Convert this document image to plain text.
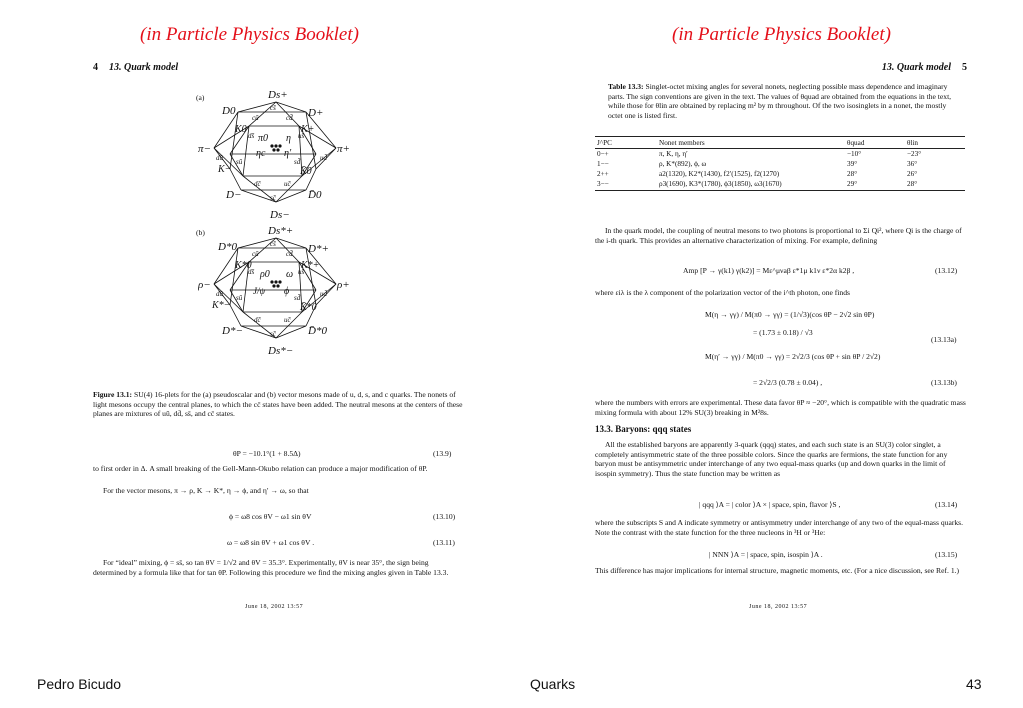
(in Particle Physics Booklet)	(in Particle Physics Booklet)
4 13. Quark model
(a)
(b)
Ds+
D0	D+
π−	π+
K0	K+
K−	K̄0
D−	D̄0
Ds−
π0 η
ηc η′
cs̄
cū	cd̄
ds̄	us̄
dū	ud̄
sū	sd̄
dc̄	uc̄
sc̄
Ds*+
D*0	D*+
ρ−	ρ+
K*0	K*+
K*−	K̄*0
D*−	D̄*0
Ds*−
ρ0 ω
J/ψ ϕ
cs̄
cū	cd̄
ds̄	us̄
dū	ud̄
sū	sd̄
dc̄	uc̄
sc̄
Figure 13.1: SU(4) 16-plets for the (a) pseudoscalar and (b) vector mesons made of u, d, s, and c quarks. The nonets of light mesons occupy the central planes, to which the cc̄ states have been added. The neutral mesons at the centers of these planes are mixtures of uū, dd̄, ss̄, and cc̄ states.
θP = −10.1°(1 + 8.5Δ)	(13.9)
to first order in Δ. A small breaking of the Gell-Mann-Okubo relation can produce a major modification of θP.
For the vector mesons, π → ρ, K → K*, η → ϕ, and η′ → ω, so that
ϕ = ω8 cos θV − ω1 sin θV	(13.10)
ω = ω8 sin θV + ω1 cos θV .	(13.11)
For “ideal” mixing, ϕ = ss̄, so tan θV = 1/√2 and θV = 35.3°. Experimentally, θV is near 35°, the sign being determined by a formula like that for tan θP. Following this procedure we find the mixing angles given in Table 13.3.
June 18, 2002 13:57
13. Quark model 5
Table 13.3: Singlet-octet mixing angles for several nonets, neglecting possible mass dependence and imaginary parts. The sign conventions are given in the text. The values of θquad are obtained from the equations in the text, while those for θlin are obtained by replacing m² by m throughout. Of the two isosinglets in a nonet, the mostly octet one is listed first.
J^PC	Nonet members	θquad	θlin
0−+	π, K, η, η′	−10°	−23°
1−−	ρ, K*(892), ϕ, ω	39°	36°
2++	a2(1320), K2*(1430), f2′(1525), f2(1270)	28°	26°
3−−	ρ3(1690), K3*(1780), ϕ3(1850), ω3(1670)	29°	28°
In the quark model, the coupling of neutral mesons to two photons is proportional to Σi Qi², where Qi is the charge of the i-th quark. This provides an alternative characterization of mixing. For example, defining
Amp [P → γ(k1) γ(k2)] = Mε^μνaβ ε*1μ k1ν ε*2α k2β ,	(13.12)
where εiλ is the λ component of the polarization vector of the i^th photon, one finds
M(η → γγ) / M(π0 → γγ) = (1/√3)(cos θP − 2√2 sin θP)
= (1.73 ± 0.18) / √3
(13.13a)
M(η′ → γγ) / M(π0 → γγ) = 2√2/3 (cos θP + sin θP / 2√2)
= 2√2/3 (0.78 ± 0.04) ,	(13.13b)
where the numbers with errors are experimental. These data favor θP ≈ −20°, which is compatible with the quadratic mass mixing formula with about 12% SU(3) breaking in M²8s.
13.3. Baryons: qqq states
All the established baryons are apparently 3-quark (qqq) states, and each such state is an SU(3) color singlet, a completely antisymmetric state of the three possible colors. Since the quarks are fermions, the state function for any baryon must be antisymmetric under interchange of any two equal-mass quarks (up and down quarks in the limit of isospin symmetry). Thus the state function may be written as
| qqq ⟩A = | color ⟩A × | space, spin, flavor ⟩S ,	(13.14)
where the subscripts S and A indicate symmetry or antisymmetry under interchange of any two of the equal-mass quarks. Note the contrast with the state function for the three nucleons in ³H or ³He:
| NNN ⟩A = | space, spin, isospin ⟩A .	(13.15)
This difference has major implications for internal structure, magnetic moments, etc. (For a nice discussion, see Ref. 1.)
June 18, 2002 13:57
Pedro Bicudo	Quarks	43
